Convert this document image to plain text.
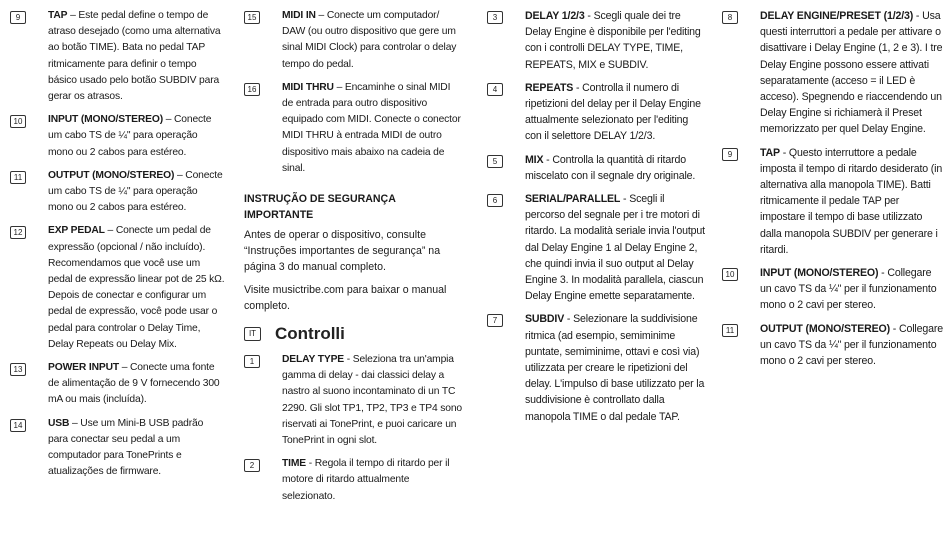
9	TAP – Este pedal define o tempo de atraso desejado (como uma alternativa ao botão TIME). Bata no pedal TAP ritmicamente para definir o tempo básico usado pelo botão SUBDIV para gerar os atrasos.
10	INPUT (MONO/STEREO) – Conecte um cabo TS de ¼" para operação mono ou 2 cabos para estéreo.
11	OUTPUT (MONO/STEREO) – Conecte um cabo TS de ¼" para operação mono ou 2 cabos para estéreo.
12	EXP PEDAL – Conecte um pedal de expressão (opcional / não incluído). Recomendamos que você use um pedal de expressão linear pot de 25 kΩ. Depois de conectar e configurar um pedal de expressão, você pode usar o pedal para controlar o Delay Time, Delay Repeats ou Delay Mix.
13	POWER INPUT – Conecte uma fonte de alimentação de 9 V fornecendo 300 mA ou mais (incluída).
14	USB – Use um Mini-B USB padrão para conectar seu pedal a um computador para TonePrints e atualizações de firmware.
15	MIDI IN – Conecte um computador/ DAW (ou outro dispositivo que gere um sinal MIDI Clock) para controlar o delay tempo do pedal.
16	MIDI THRU – Encaminhe o sinal MIDI de entrada para outro dispositivo equipado com MIDI. Conecte o conector MIDI THRU à entrada MIDI de outro dispositivo mais abaixo na cadeia de sinal.
INSTRUÇÃO DE SEGURANÇA IMPORTANTE
Antes de operar o dispositivo, consulte “Instruções importantes de segurança” na página 3 do manual completo.
Visite musictribe.com para baixar o manual completo.
IT Controlli
1	DELAY TYPE - Seleziona tra un'ampia gamma di delay - dai classici delay a nastro al suono incontaminato di un TC 2290. Gli slot TP1, TP2, TP3 e TP4 sono riservati ai TonePrint, e puoi caricare un TonePrint in ogni slot.
2	TIME - Regola il tempo di ritardo per il motore di ritardo attualmente selezionato.
3	DELAY 1/2/3 - Scegli quale dei tre Delay Engine è disponibile per l'editing con i controlli DELAY TYPE, TIME, REPEATS, MIX e SUBDIV.
4	REPEATS - Controlla il numero di ripetizioni del delay per il Delay Engine attualmente selezionato per l'editing con il selettore DELAY 1/2/3.
5	MIX - Controlla la quantità di ritardo miscelato con il segnale dry originale.
6	SERIAL/PARALLEL - Scegli il percorso del segnale per i tre motori di ritardo. La modalità seriale invia l'output dal Delay Engine 1 al Delay Engine 2, che quindi invia il suo output al Delay Engine 3. In modalità parallela, ciascun Delay Engine emette separatamente.
7	SUBDIV - Selezionare la suddivisione ritmica (ad esempio, semiminime puntate, semiminime, ottavi e così via) utilizzata per creare le ripetizioni del delay. L'impulso di base utilizzato per la suddivisione è controllato dalla manopola TIME o dal pedale TAP.
8	DELAY ENGINE/PRESET (1/2/3) - Usa questi interruttori a pedale per attivare o disattivare i Delay Engine (1, 2 e 3). I tre Delay Engine possono essere attivati separatamente (acceso = il LED è acceso). Spegnendo e riaccendendo un Delay Engine si richiamerà il Preset memorizzato per quel Delay Engine.
9	TAP - Questo interruttore a pedale imposta il tempo di ritardo desiderato (in alternativa alla manopola TIME). Batti ritmicamente il pedale TAP per impostare il tempo di base utilizzato dalla manopola SUBDIV per generare i ritardi.
10	INPUT (MONO/STEREO) - Collegare un cavo TS da ¼" per il funzionamento mono o 2 cavi per stereo.
11	OUTPUT (MONO/STEREO) - Collegare un cavo TS da ¼" per il funzionamento mono o 2 cavi per stereo.
